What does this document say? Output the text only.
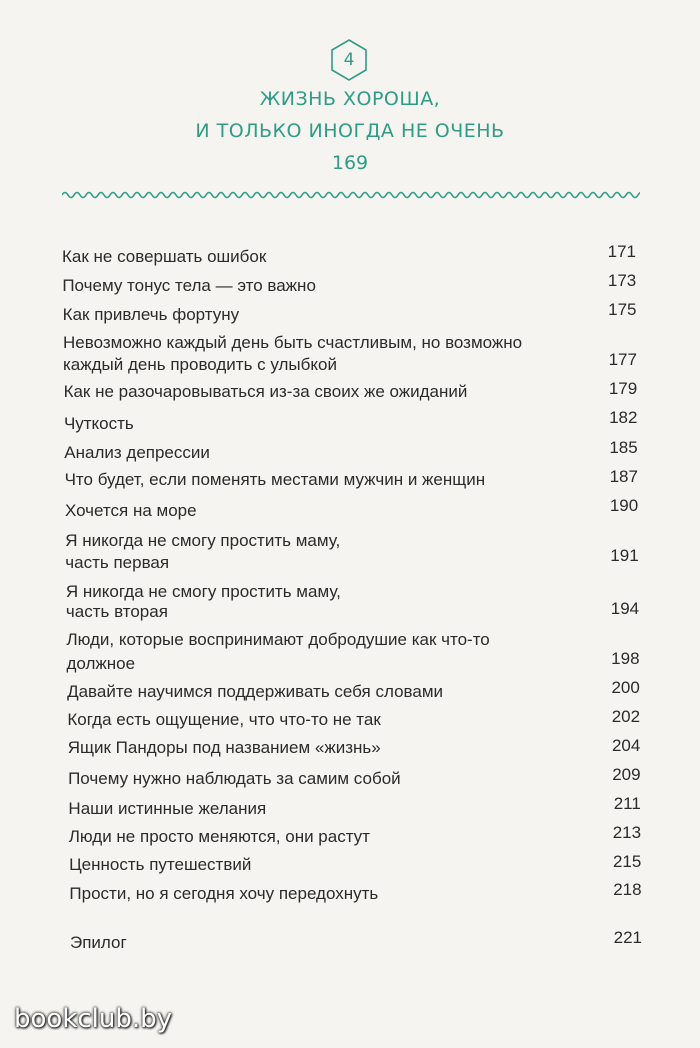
4
ЖИЗНЬ ХОРОША,
И ТОЛЬКО ИНОГДА НЕ ОЧЕНЬ
169
Как не совершать ошибок	171
Почему тонус тела — это важно	173
Как привлечь фортуну	175
Невозможно каждый день быть счастливым, но возможно
каждый день проводить с улыбкой	177
Как не разочаровываться из-за своих же ожиданий	179
Чуткость	182
Анализ депрессии	185
Что будет, если поменять местами мужчин и женщин	187
Хочется на море	190
Я никогда не смогу простить маму,
часть первая	191
Я никогда не смогу простить маму,
часть вторая	194
Люди, которые воспринимают добродушие как что-то
должное	198
Давайте научимся поддерживать себя словами	200
Когда есть ощущение, что что-то не так	202
Ящик Пандоры под названием «жизнь»	204
Почему нужно наблюдать за самим собой	209
Наши истинные желания	211
Люди не просто меняются, они растут	213
Ценность путешествий	215
Прости, но я сегодня хочу передохнуть	218
Эпилог	221
bookclub.by
